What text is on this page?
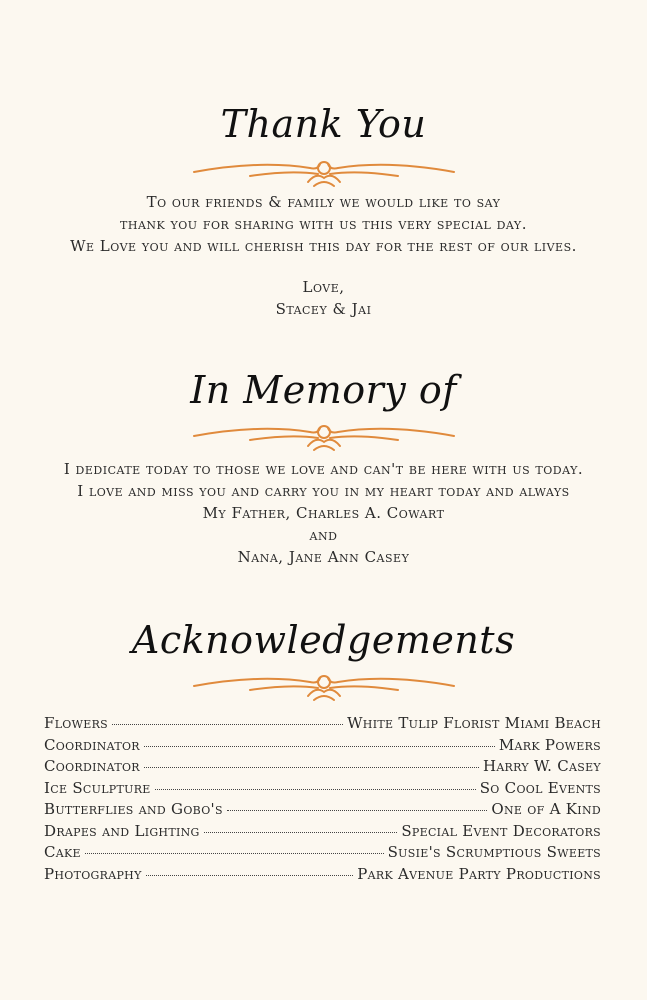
Thank You
To our friends & family we would like to say
thank you for sharing with us this very special day.
We Love you and will cherish this day for the rest of our lives.
Love,
Stacey & Jai
In Memory of
I dedicate today to those we love and can't be here with us today.
I love and miss you and carry you in my heart today and always
My Father, Charles A. Cowart
and
Nana, Jane Ann Casey
Acknowledgements
Flowers	White Tulip Florist Miami Beach
Coordinator	Mark Powers
Coordinator	Harry W. Casey
Ice Sculpture	So Cool Events
Butterflies and Gobo's	One of A Kind
Drapes and Lighting	Special Event Decorators
Cake	Susie's Scrumptious Sweets
Photography	Park Avenue Party Productions
